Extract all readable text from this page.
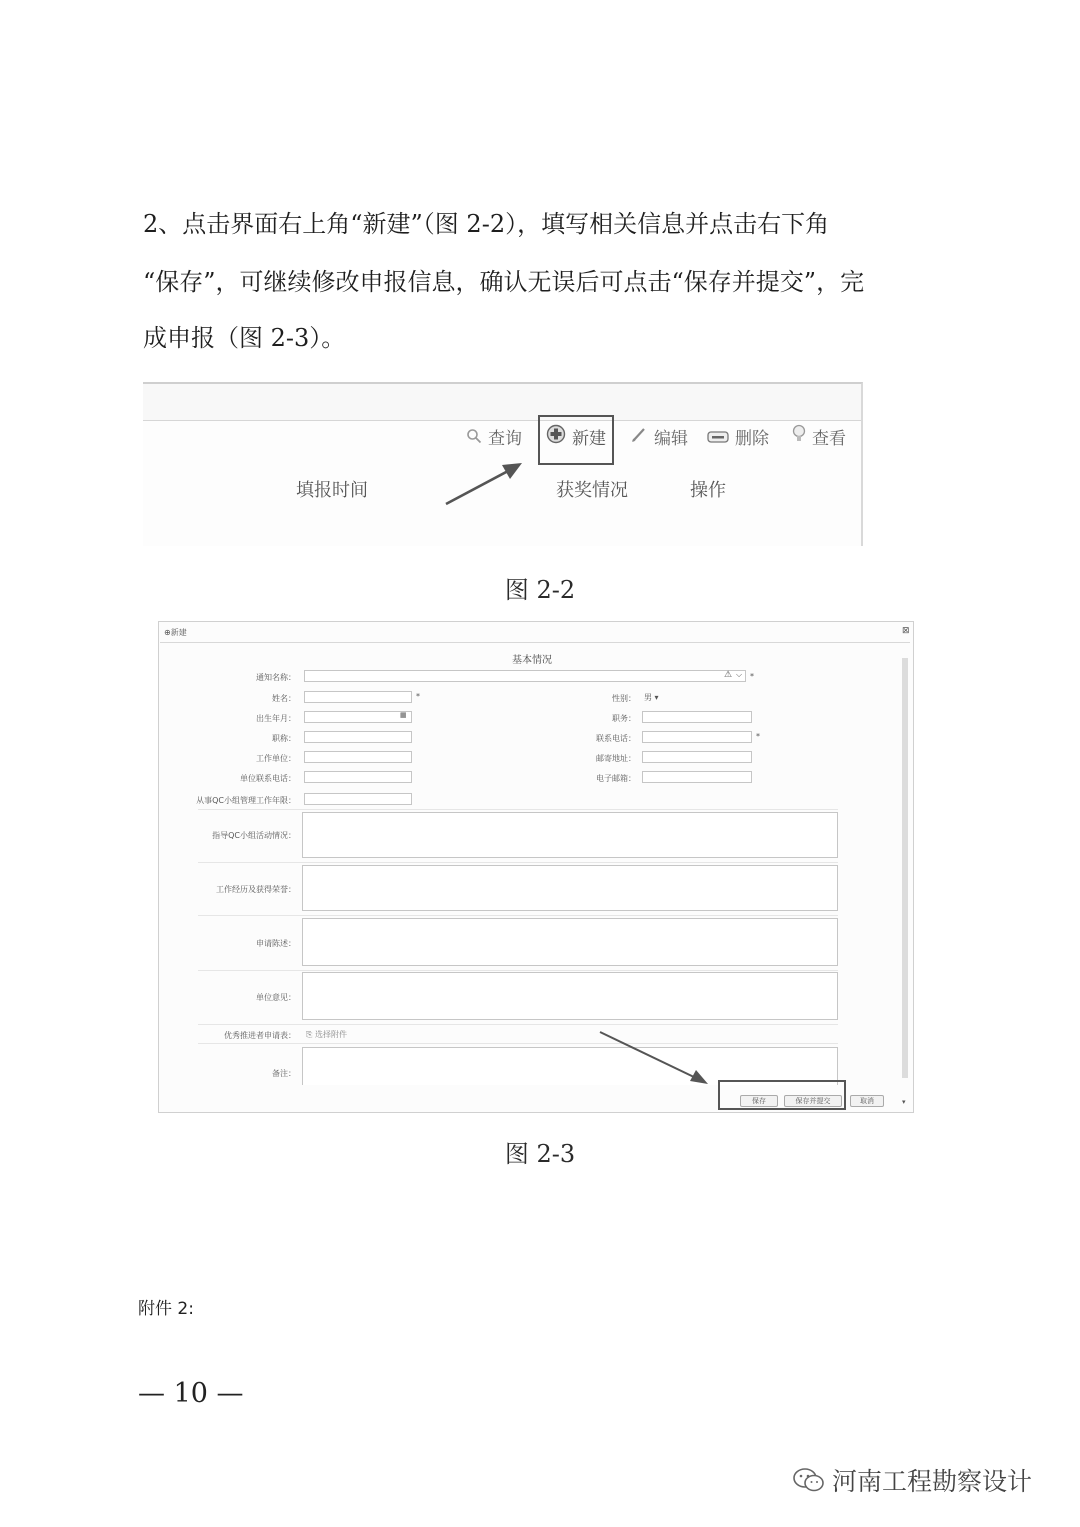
2、点击界面右上角“新建”（图 2-2），填写相关信息并点击右下角
“保存”，可继续修改申报信息，确认无误后可点击“保存并提交”，完
成申报（图 2-3）。
查询	新建	编辑	删除	查看
填报时间	获奖情况	操作
图 2-2
⊕新建	⊠
基本情况
通知名称：	⚠ ⌵ *
姓名：	*	性别： 男 ▾
出生年月：	▦	职务：
职称：	联系电话：	*
工作单位：	邮寄地址：
单位联系电话：	电子邮箱：
从事QC小组管理工作年限：
指导QC小组活动情况：
工作经历及获得荣誉：
申请陈述：
单位意见：
优秀推进者申请表： ⎘ 选择附件
备注：
▾
保存	保存并提交	取消
图 2-3
附件 2:
— 10 —
河南工程勘察设计
